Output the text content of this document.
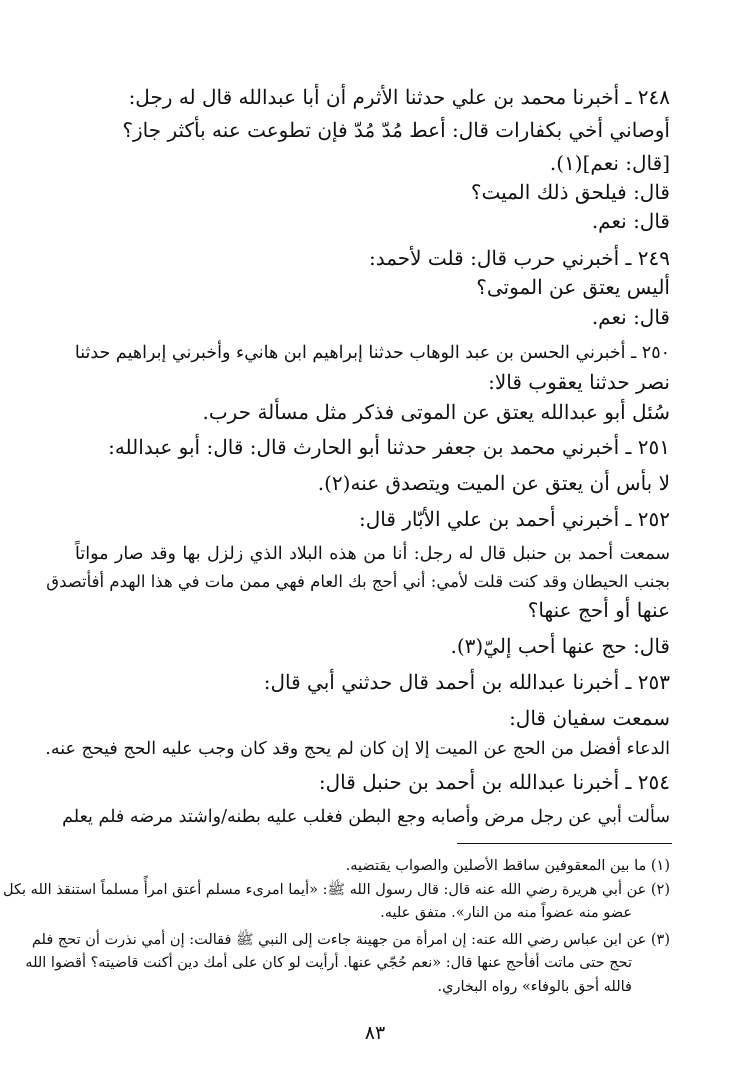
٢٤٨ ـ أخبرنا محمد بن علي حدثنا الأثرم أن أبا عبدالله قال له رجل:
أوصاني أخي بكفارات قال: أعط مُدّ مُدّ فإن تطوعت عنه بأكثر جاز؟
[قال: نعم](١).
قال: فيلحق ذلك الميت؟
قال: نعم.
٢٤٩ ـ أخبرني حرب قال: قلت لأحمد:
أليس يعتق عن الموتى؟
قال: نعم.
٢٥٠ ـ أخبرني الحسن بن عبد الوهاب حدثنا إبراهيم ابن هانيء وأخبرني إبراهيم حدثنا
نصر حدثنا يعقوب قالا:
سُئل أبو عبدالله يعتق عن الموتى فذكر مثل مسألة حرب.
٢٥١ ـ أخبرني محمد بن جعفر حدثنا أبو الحارث قال: قال: أبو عبدالله:
لا بأس أن يعتق عن الميت ويتصدق عنه(٢).
٢٥٢ ـ أخبرني أحمد بن علي الأبّار قال:
سمعت أحمد بن حنبل قال له رجل: أنا من هذه البلاد الذي زلزل بها وقد صار مواتاً
بجنب الحيطان وقد كنت قلت لأمي: أني أحج بك العام فهي ممن مات في هذا الهدم أفأتصدق
عنها أو أحج عنها؟
قال: حج عنها أحب إليّ(٣).
٢٥٣ ـ أخبرنا عبدالله بن أحمد قال حدثني أبي قال:
سمعت سفيان قال:
الدعاء أفضل من الحج عن الميت إلا إن كان لم يحج وقد كان وجب عليه الحج فيحج عنه.
٢٥٤ ـ أخبرنا عبدالله بن أحمد بن حنبل قال:
سألت أبي عن رجل مرض وأصابه وجع البطن فغلب عليه بطنه/واشتد مرضه فلم يعلم
(١) ما بين المعقوفين ساقط الأصلين والصواب يقتضيه.
(٢) عن أبي هريرة رضي الله عنه قال: قال رسول الله ﷺ: «أيما امرىء مسلم أعتق امرأً مسلماً استنقذ الله بكل
عضو منه عضواً منه من النار». متفق عليه.
(٣) عن ابن عباس رضي الله عنه: إن امرأة من جهينة جاءت إلى النبي ﷺ فقالت: إن أمي نذرت أن تحج فلم
تحج حتى ماتت أفأحج عنها قال: «نعم حُجّي عنها. أرأيت لو كان على أمك دين أكنت قاضيته؟ أقضوا الله
فالله أحق بالوفاء» رواه البخاري.
٨٣
